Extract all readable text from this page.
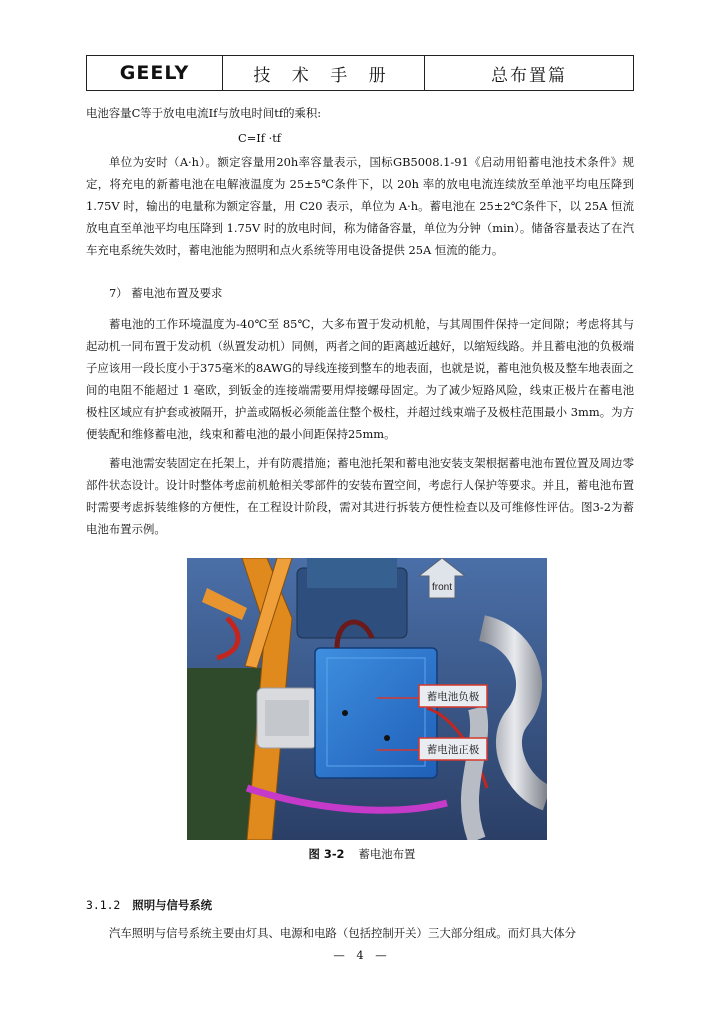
GEELY	技 术 手 册	总布置篇

电池容量C等于放电电流If与放电时间tf的乘积:

C=If ·tf

单位为安时（A·h）。额定容量用20h率容量表示，国标GB5008.1-91《启动用铅蓄电池技术条件》规定，将充电的新蓄电池在电解液温度为 25±5℃条件下，以 20h 率的放电电流连续放至单池平均电压降到 1.75V 时，输出的电量称为额定容量，用 C20 表示，单位为 A·h。蓄电池在 25±2℃条件下，以 25A 恒流放电直至单池平均电压降到 1.75V 时的放电时间，称为储备容量，单位为分钟（min）。储备容量表达了在汽车充电系统失效时，蓄电池能为照明和点火系统等用电设备提供 25A 恒流的能力。

7） 蓄电池布置及要求

蓄电池的工作环境温度为-40℃至 85℃，大多布置于发动机舱，与其周围件保持一定间隙；考虑将其与起动机一同布置于发动机（纵置发动机）同侧，两者之间的距离越近越好，以缩短线路。并且蓄电池的负极端子应该用一段长度小于375毫米的8AWG的导线连接到整车的地表面，也就是说，蓄电池负极及整车地表面之间的电阻不能超过 1 毫欧，到钣金的连接端需要用焊接螺母固定。为了减少短路风险，线束正极片在蓄电池极柱区域应有护套或被隔开，护盖或隔板必须能盖住整个极柱，并超过线束端子及极柱范围最小 3mm。为方便装配和维修蓄电池，线束和蓄电池的最小间距保持25mm。

蓄电池需安装固定在托架上，并有防震措施；蓄电池托架和蓄电池安装支架根据蓄电池布置位置及周边零部件状态设计。设计时整体考虑前机舱相关零部件的安装布置空间，考虑行人保护等要求。并且，蓄电池布置时需要考虑拆装维修的方便性，在工程设计阶段，需对其进行拆装方便性检查以及可维修性评估。图3-2为蓄电池布置示例。

front
蓄电池负极
蓄电池正极
图 3-2 蓄电池布置
3.1.2 照明与信号系统

汽车照明与信号系统主要由灯具、电源和电路（包括控制开关）三大部分组成。而灯具大体分

— 4 —
